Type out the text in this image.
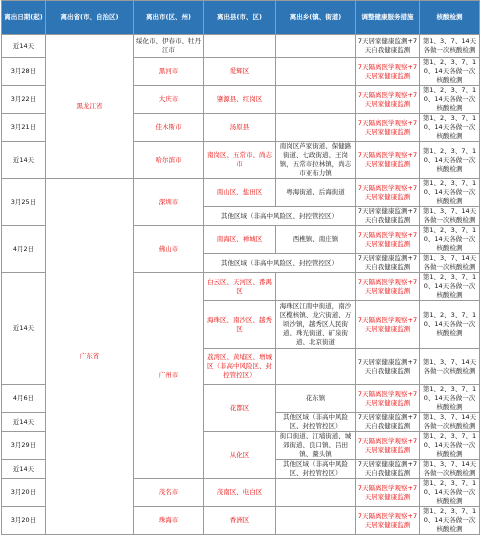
离出日期(起)	离出省(市、自治区)	离出市(区、州)	离出县(市、区)	离出乡(镇、街道)	调整健康服务措施	核酸检测
近14天	黑龙江省	绥化市、伊春市、牡丹江市			7天居家健康监测+7天自我健康监测	第1、3、7、14天各做一次核酸检测
3月28日		黑河市	爱辉区		7天隔离医学观察+7天居家健康监测	第1、2、3、7、10、14天各做一次核酸检测
3月22日		大庆市	肇源县、红岗区		7天隔离医学观察+7天居家健康监测	第1、2、3、7、10、14天各做一次核酸检测
3月21日		佳木斯市	汤原县		7天隔离医学观察+7天居家健康监测	第1、2、3、7、10、14天各做一次核酸检测
近14天		哈尔滨市	南岗区、五常市、尚志市	南岗区芦家街道、保健路街道、七政街道、王岗镇，五常市拉林镇，尚志市亚布力镇	7天隔离医学观察+7天居家健康监测	第1、2、3、7、10、14天各做一次核酸检测
3月25日	广东省	深圳市	南山区、盐田区	粤海街道、后海街道	7天隔离医学观察+7天居家健康监测	第1、2、3、7、10、14天各做一次核酸检测
			其他区域（非高中风险区、封控管控区）		7天居家健康监测+7天自我健康监测	第1、3、7、14天各做一次核酸检测
4月2日		佛山市	南海区、禅城区	西樵镇、南庄镇	7天隔离医学观察+7天居家健康监测	第1、2、3、7、10、14天各做一次核酸检测
			其他区域（非高中风险区、封控管控区）		7天居家健康监测+7天自我健康监测	第1、3、7、14天各做一次核酸检测
近14天		广州市	白云区、天河区、番禺区		7天隔离医学观察+7天居家健康监测	第1、2、3、7、10、14天各做一次核酸检测
			海珠区、南沙区、越秀区	海珠区江南中街道，南沙区榄核镇、龙穴街道、万顷沙镇，越秀区人民街道、珠光街道、矿泉街道、北京街道	7天隔离医学观察+7天居家健康监测	第1、2、3、7、10、14天各做一次核酸检测
			荔湾区、黄埔区、增城区（非高中风险区、封控管控区）		7天居家健康监测+7天自我健康监测	第1、3、7、14天各做一次核酸检测
4月6日			花都区	花东镇	7天隔离医学观察+7天居家健康监测	第1、2、3、7、10、14天各做一次核酸检测
近14天				其他区域（非高中风险区、封控管控区）	7天居家健康监测+7天自我健康监测	第1、3、7、14天各做一次核酸检测
3月29日			从化区	街口街道、江埔街道、城郊街道、良口镇、吕田镇、鳌头镇	7天隔离医学观察+7天居家健康监测	第1、2、3、7、10、14天各做一次核酸检测
近14天				其他区域（非高中风险区、封控管控区）	7天居家健康监测+7天自我健康监测	第1、3、7、14天各做一次核酸检测
3月20日		茂名市	茂南区、电白区		7天隔离医学观察+7天居家健康监测	第1、2、3、7、10、14天各做一次核酸检测
3月20日		珠海市	香洲区		7天隔离医学观察+7天居家健康监测	第1、2、3、7、10、14天各做一次核酸检测
